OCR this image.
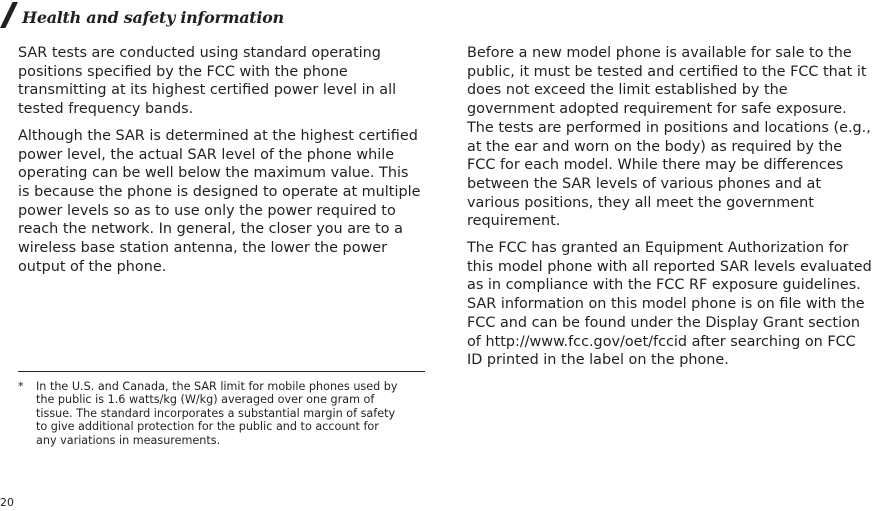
Health and safety information

SAR tests are conducted using standard operating positions specified by the FCC with the phone transmitting at its highest certified power level in all tested frequency bands.

Although the SAR is determined at the highest certified power level, the actual SAR level of the phone while operating can be well below the maximum value. This is because the phone is designed to operate at multiple power levels so as to use only the power required to reach the network. In general, the closer you are to a wireless base station antenna, the lower the power output of the phone.

Before a new model phone is available for sale to the public, it must be tested and certified to the FCC that it does not exceed the limit established by the government adopted requirement for safe exposure. The tests are performed in positions and locations (e.g., at the ear and worn on the body) as required by the FCC for each model. While there may be differences between the SAR levels of various phones and at various positions, they all meet the government requirement.

The FCC has granted an Equipment Authorization for this model phone with all reported SAR levels evaluated as in compliance with the FCC RF exposure guidelines. SAR information on this model phone is on file with the FCC and can be found under the Display Grant section of http://www.fcc.gov/oet/fccid after searching on FCC ID printed in the label on the phone.

* In the U.S. and Canada, the SAR limit for mobile phones used by the public is 1.6 watts/kg (W/kg) averaged over one gram of tissue. The standard incorporates a substantial margin of safety to give additional protection for the public and to account for any variations in measurements.
20
